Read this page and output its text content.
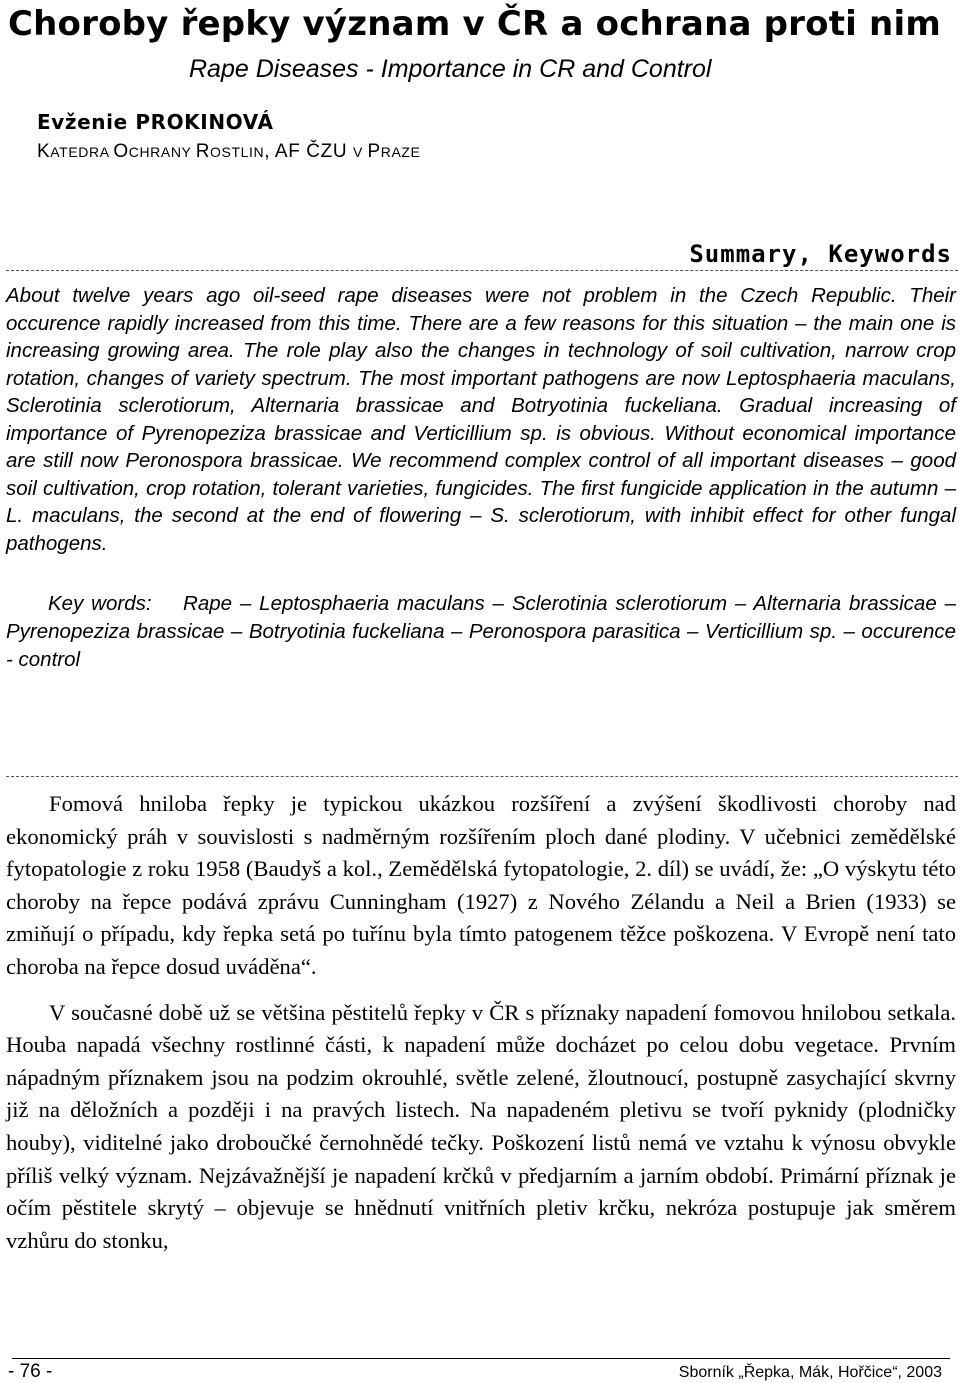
Choroby řepky význam v ČR a ochrana proti nim
Rape Diseases - Importance in CR and Control
Evženie PROKINOVÁ
KATEDRA OCHRANY ROSTLIN, AF ČZU V PRAZE
Summary, Keywords

About twelve years ago oil-seed rape diseases were not problem in the Czech Republic. Their occurence rapidly increased from this time. There are a few reasons for this situation – the main one is increasing growing area. The role play also the changes in technology of soil cultivation, narrow crop rotation, changes of variety spectrum. The most important pathogens are now Leptosphaeria maculans, Sclerotinia sclerotiorum, Alternaria brassicae and Botryotinia fuckeliana. Gradual increasing of importance of Pyrenopeziza brassicae and Verticillium sp. is obvious. Without economical importance are still now Peronospora brassicae. We recommend complex control of all important diseases – good soil cultivation, crop rotation, tolerant varieties, fungicides. The first fungicide application in the autumn – L. maculans, the second at the end of flowering – S. sclerotiorum, with inhibit effect for other fungal pathogens.

Key words: Rape – Leptosphaeria maculans – Sclerotinia sclerotiorum – Alternaria brassicae – Pyrenopeziza brassicae – Botryotinia fuckeliana – Peronospora parasitica – Verticillium sp. – occurence - control

Fomová hniloba řepky je typickou ukázkou rozšíření a zvýšení škodlivosti choroby nad ekonomický práh v souvislosti s nadměrným rozšířením ploch dané plodiny. V učebnici zemědělské fytopatologie z roku 1958 (Baudyš a kol., Zemědělská fytopatologie, 2. díl) se uvádí, že: „O výskytu této choroby na řepce podává zprávu Cunningham (1927) z Nového Zélandu a Neil a Brien (1933) se zmiňují o případu, kdy řepka setá po tuřínu byla tímto patogenem těžce poškozena. V Evropě není tato choroba na řepce dosud uváděna“.

V současné době už se většina pěstitelů řepky v ČR s příznaky napadení fomovou hnilobou setkala. Houba napadá všechny rostlinné části, k napadení může docházet po celou dobu vegetace. Prvním nápadným příznakem jsou na podzim okrouhlé, světle zelené, žloutnoucí, postupně zasychající skvrny již na děložních a později i na pravých listech. Na napadeném pletivu se tvoří pyknidy (plodničky houby), viditelné jako droboučké černohnědé tečky. Poškození listů nemá ve vztahu k výnosu obvykle příliš velký význam. Nejzávažnější je napadení krčků v předjarním a jarním období. Primární příznak je očím pěstitele skrytý – objevuje se hnědnutí vnitřních pletiv krčku, nekróza postupuje jak směrem vzhůru do stonku,

- 76 -	Sborník „Řepka, Mák, Hořčice“, 2003
